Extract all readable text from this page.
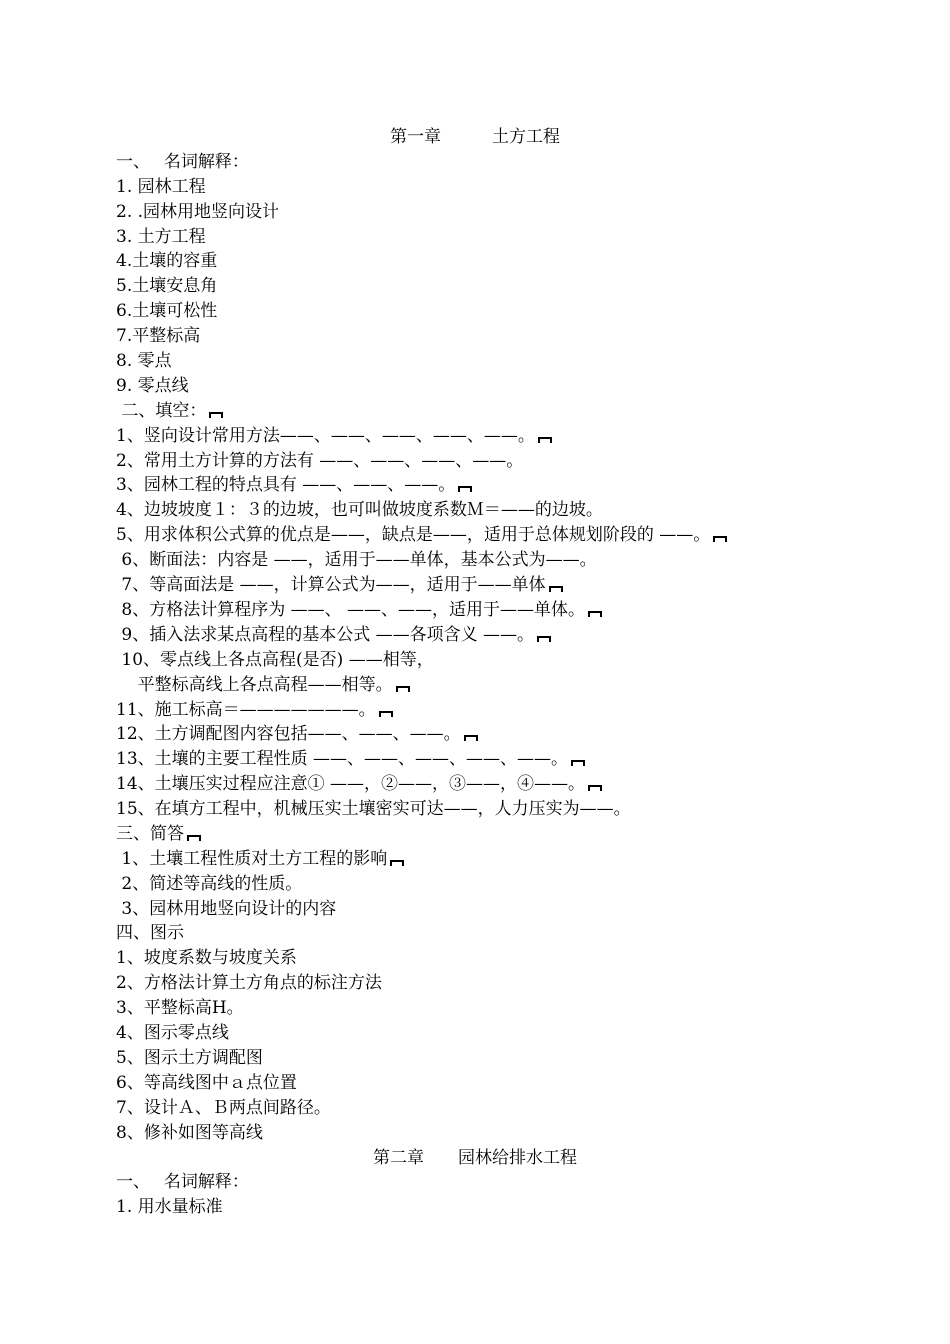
第一章　　　土方工程
一、　 名词解释：
1. 园林工程
2. .园林用地竖向设计
3. 土方工程
4.土壤的容重
5.土壤安息角
6.土壤可松性
7.平整标高
8. 零点
9. 零点线
二、填空：
1、竖向设计常用方法——、——、——、——、——。
2、常用土方计算的方法有 ——、——、——、——。
3、园林工程的特点具有 ——、——、——。
4、边坡坡度１：３的边坡，也可叫做坡度系数Ｍ＝——的边坡。
5、用求体积公式算的优点是——，缺点是——，适用于总体规划阶段的 ——。
6、断面法：内容是 ——，适用于——单体，基本公式为——。
7、等高面法是 ——，计算公式为——，适用于——单体
8、方格法计算程序为 ——、 ——、——，适用于——单体。
9、插入法求某点高程的基本公式 ——各项含义 ——。
10、零点线上各点高程(是否) ——相等，
平整标高线上各点高程——相等。
11、施工标高＝———————。
12、土方调配图内容包括——、——、——。
13、土壤的主要工程性质 ——、——、——、——、——。
14、土壤压实过程应注意① ——，②——，③——，④——。
15、在填方工程中，机械压实土壤密实可达——，人力压实为——。
三、简答
1、土壤工程性质对土方工程的影响
2、简述等高线的性质。
3、园林用地竖向设计的内容
四、图示
1、坡度系数与坡度关系
2、方格法计算土方角点的标注方法
3、平整标高H。
4、图示零点线
5、图示土方调配图
6、等高线图中ａ点位置
7、设计Ａ、Ｂ两点间路径。
8、修补如图等高线
第二章　　园林给排水工程
一、　 名词解释：
1. 用水量标准
